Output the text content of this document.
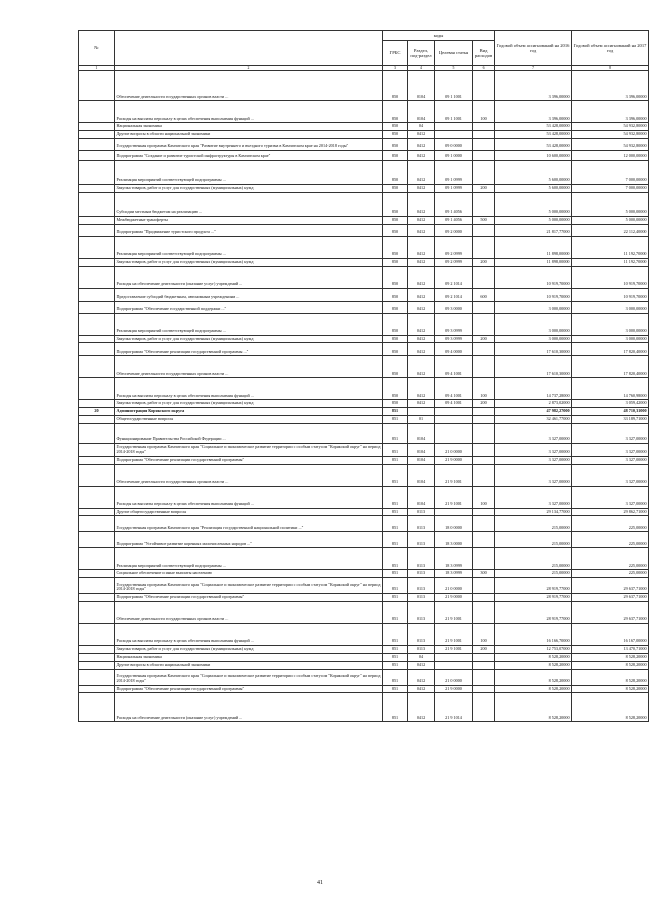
№		коды				Годовой объем ассигнований на 2016 год	Годовой объем ассигнований на 2017 год
		ГРБС	Раздел, под-раздел	Целевая статья	Вид расходов		
1	2	3	4	5	6	7	8
	Обеспечение деятельности государственных органов власти ...	850	0104	09 1 1001		3 396,00000	3 396,00000
	Расходы на выплаты персоналу в целях обеспечения выполнения функций ...	850	0104	09 1 1001	100	3 396,00000	3 396,00000
	Национальная экономика	850	04			53 428,00000	54 932,80000
	Другие вопросы в области национальной экономики	850	0412			53 428,00000	54 932,80000
	Государственная программа Камчатского края "Развитие внутреннего и въездного туризма в Камчатском крае на 2014-2018 годы"	850	0412	09 0 0000		53 428,00000	54 932,80000
	Подпрограмма "Создание и развитие туристской инфраструктуры в Камчатском крае"	850	0412	09 1 0000		10 600,00000	12 000,00000
	Реализация мероприятий соответствующей подпрограммы ...	850	0412	09 1 0999		5 600,00000	7 000,00000
	Закупка товаров, работ и услуг для государственных (муниципальных) нужд	850	0412	09 1 0999	200	5 600,00000	7 000,00000
	Субсидии местным бюджетам на реализацию ...	850	0412	09 1 4056		5 000,00000	5 000,00000
	Межбюджетные трансферты	850	0412	09 1 4056	500	5 000,00000	5 000,00000
	Подпрограмма "Продвижение туристского продукта ..."	850	0412	09 2 0000		21 817,77000	22 112,40000
	Реализация мероприятий соответствующей подпрограммы ...	850	0412	09 2 0999		11 898,00000	11 192,70000
	Закупка товаров, работ и услуг для государственных (муниципальных) нужд	850	0412	09 2 0999	200	11 898,00000	11 192,70000
	Расходы на обеспечение деятельности (оказание услуг) учреждений ...	850	0412	09 2 1014		10 919,70000	10 919,70000
	Предоставление субсидий бюджетным, автономным учреждениям ...	850	0412	09 2 1014	600	10 919,70000	10 919,70000
	Подпрограмма "Обеспечение государственной поддержки ..."	850	0412	09 3 0000		3 000,00000	3 000,00000
	Реализация мероприятий соответствующей подпрограммы ...	850	0412	09 3 0999		3 000,00000	3 000,00000
	Закупка товаров, работ и услуг для государственных (муниципальных) нужд	850	0412	09 3 0999	200	3 000,00000	3 000,00000
	Подпрограмма "Обеспечение реализации государственной программы ..."	850	0412	09 4 0000		17 610,30000	17 820,40000
	Обеспечение деятельности государственных органов власти ...	850	0412	09 4 1001		17 610,30000	17 820,40000
	Расходы на выплаты персоналу в целях обеспечения выполнения функций ...	850	0412	09 4 1001	100	14 737,28000	14 760,98000
	Закупка товаров, работ и услуг для государственных (муниципальных) нужд	850	0412	09 4 1001	200	2 873,02000	3 059,42000
20	Администрация Корякского округа	851				47 982,27000	48 710,31000
	Общегосударственные вопросы	851	01			32 461,77000	33 189,71000
	Функционирование Правительства Российской Федерации ...	851	0104			3 327,00000	3 327,00000
	Государственная программа Камчатского края "Социальное и экономическое развитие территории с особым статусом "Корякский округ" на период 2014-2018 годы"	851	0104	21 0 0000		3 327,00000	3 327,00000
	Подпрограмма "Обеспечение реализации государственной программы"	851	0104	21 9 0000		3 327,00000	3 327,00000
	Обеспечение деятельности государственных органов власти ...	851	0104	21 9 1001		3 327,00000	3 327,00000
	Расходы на выплаты персоналу в целях обеспечения выполнения функций ...	851	0104	21 9 1001	100	3 327,00000	3 327,00000
	Другие общегосударственные вопросы	851	0113			29 134,77000	29 862,71000
	Государственная программа Камчатского края "Реализация государственной национальной политики ..."	851	0113	18 0 0000		215,00000	225,00000
	Подпрограмма "Устойчивое развитие коренных малочисленных народов ..."	851	0113	18 3 0000		215,00000	225,00000
	Реализация мероприятий соответствующей подпрограммы ...	851	0113	18 3 0999		215,00000	225,00000
	Социальное обеспечение и иные выплаты населению	851	0113	18 3 0999	300	215,00000	225,00000
	Государственная программа Камчатского края "Социальное и экономическое развитие территории с особым статусом "Корякский округ" на период 2014-2018 годы"	851	0113	21 0 0000		28 919,77000	29 637,71000
	Подпрограмма "Обеспечение реализации государственной программы"	851	0113	21 9 0000		28 919,77000	29 637,71000
	Обеспечение деятельности государственных органов власти ...	851	0113	21 9 1001		28 919,77000	29 637,71000
	Расходы на выплаты персоналу в целях обеспечения выполнения функций ...	851	0113	21 9 1001	100	16 166,70000	16 167,00000
	Закупка товаров, работ и услуг для государственных (муниципальных) нужд	851	0113	21 9 1001	200	12 753,07000	13 470,71000
	Национальная экономика	851	04			8 528,20000	8 528,20000
	Другие вопросы в области национальной экономики	851	0412			8 528,20000	8 528,20000
	Государственная программа Камчатского края "Социальное и экономическое развитие территории с особым статусом "Корякский округ" на период 2014-2018 годы"	851	0412	21 0 0000		8 528,20000	8 528,20000
	Подпрограмма "Обеспечение реализации государственной программы"	851	0412	21 9 0000		8 528,20000	8 528,20000
	Расходы на обеспечение деятельности (оказание услуг) учреждений ...	851	0412	21 9 1014		8 528,20000	8 528,20000
41
